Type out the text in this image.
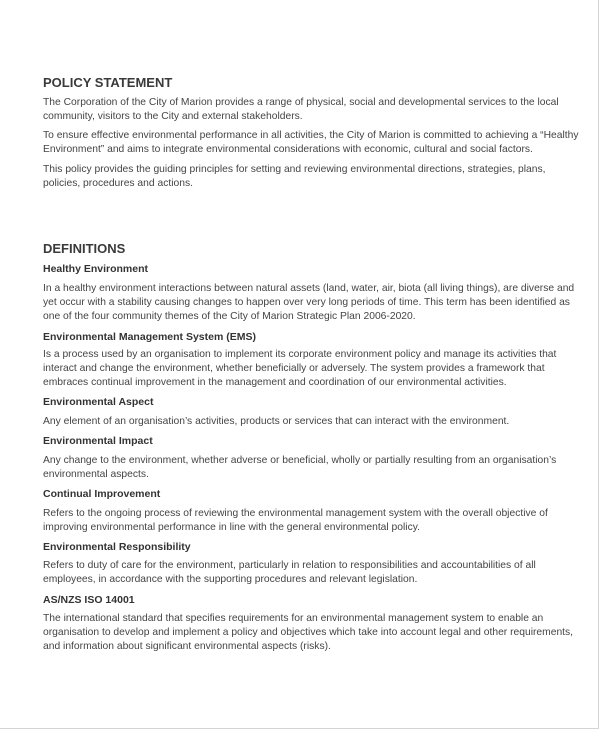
POLICY STATEMENT
The Corporation of the City of Marion provides a range of physical, social and developmental services to the local
community, visitors to the City and external stakeholders.
To ensure effective environmental performance in all activities, the City of Marion is committed to achieving a “Healthy
Environment” and aims to integrate environmental considerations with economic, cultural and social factors.
This policy provides the guiding principles for setting and reviewing environmental directions, strategies, plans,
policies, procedures and actions.
DEFINITIONS
Healthy Environment
In a healthy environment interactions between natural assets (land, water, air, biota (all living things), are diverse and
yet occur with a stability causing changes to happen over very long periods of time. This term has been identified as
one of the four community themes of the City of Marion Strategic Plan 2006-2020.
Environmental Management System (EMS)
Is a process used by an organisation to implement its corporate environment policy and manage its activities that
interact and change the environment, whether beneficially or adversely. The system provides a framework that
embraces continual improvement in the management and coordination of our environmental activities.
Environmental Aspect
Any element of an organisation’s activities, products or services that can interact with the environment.
Environmental Impact
Any change to the environment, whether adverse or beneficial, wholly or partially resulting from an organisation’s
environmental aspects.
Continual Improvement
Refers to the ongoing process of reviewing the environmental management system with the overall objective of
improving environmental performance in line with the general environmental policy.
Environmental Responsibility
Refers to duty of care for the environment, particularly in relation to responsibilities and accountabilities of all
employees, in accordance with the supporting procedures and relevant legislation.
AS/NZS ISO 14001
The international standard that specifies requirements for an environmental management system to enable an
organisation to develop and implement a policy and objectives which take into account legal and other requirements,
and information about significant environmental aspects (risks).
